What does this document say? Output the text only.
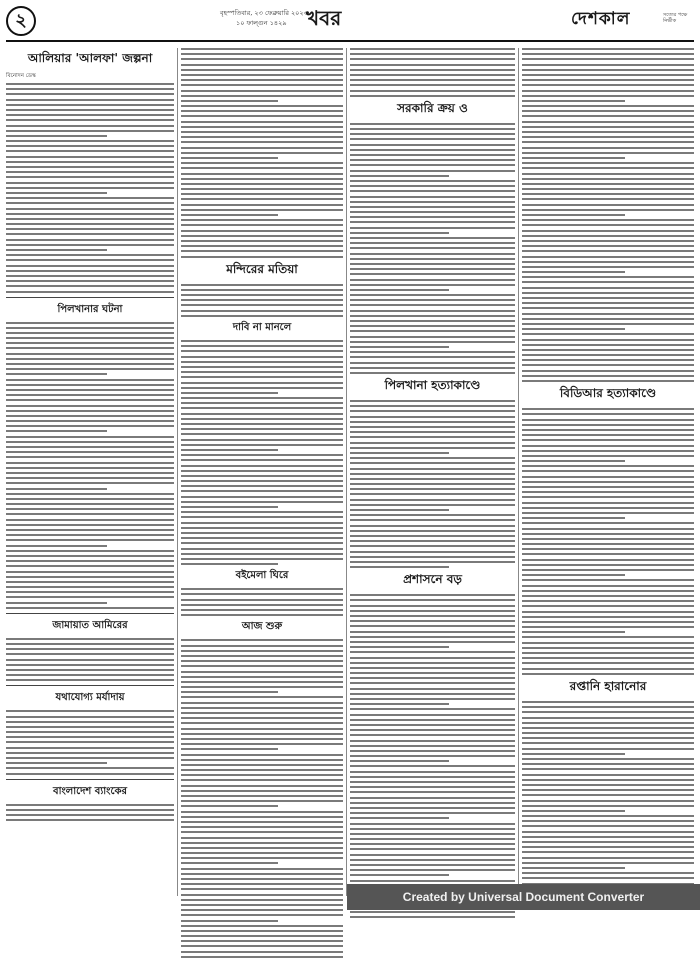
২	বৃহস্পতিবার, ২৩ ফেব্রুয়ারি ২০২৩
১০ ফাল্গুন ১৪২৯ খবর	দেশকাল	সত্যের পক্ষে নির্ভীক
আলিয়ার 'আলফা' জল্পনা
বিনোদন ডেস্ক
পিলখানার ঘটনা
জামায়াত আমিরের
যথাযোগ্য মর্যাদায়
বাংলাদেশ ব্যাংকের
মন্দিরের মতিয়া
দাবি না মানলে
বইমেলা ঘিরে
আজ শুরু
সরকারি ক্রয় ও
পিলখানা হত্যাকাণ্ডে
প্রশাসনে বড়
বিডিআর হত্যাকাণ্ডে
রপ্তানি হারানোর
Created by Universal Document Converter
